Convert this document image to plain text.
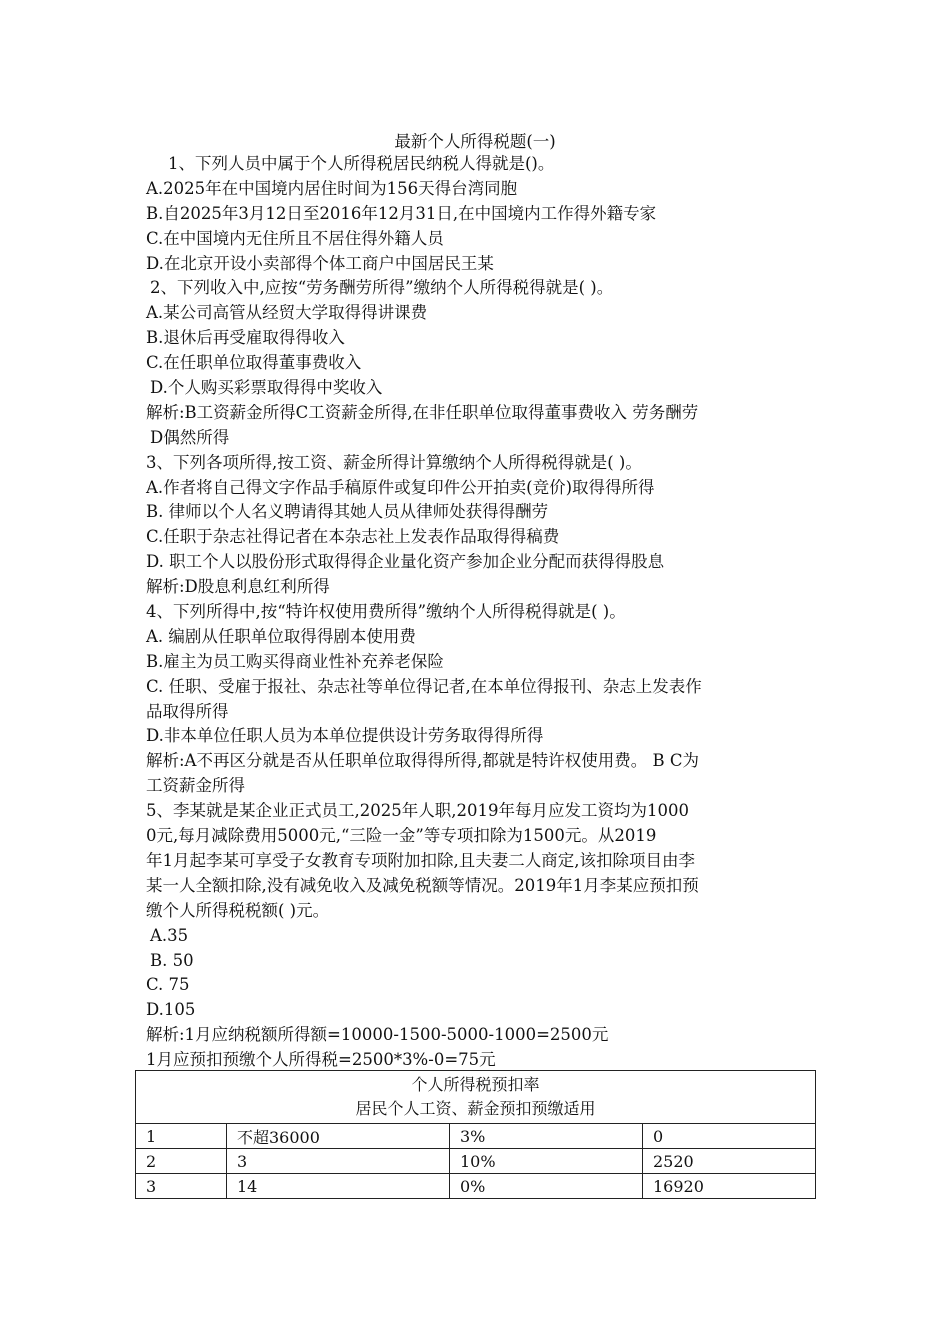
最新个人所得税题(一)
1、下列人员中属于个人所得税居民纳税人得就是()。
A.2025年在中国境内居住时间为156天得台湾同胞
B.自2025年3月12日至2016年12月31日,在中国境内工作得外籍专家
C.在中国境内无住所且不居住得外籍人员
D.在北京开设小卖部得个体工商户中国居民王某
2、下列收入中,应按“劳务酬劳所得”缴纳个人所得税得就是( )。
A.某公司高管从经贸大学取得得讲课费
B.退休后再受雇取得得收入
C.在任职单位取得董事费收入
D.个人购买彩票取得得中奖收入
解析:B工资薪金所得C工资薪金所得,在非任职单位取得董事费收入 劳务酬劳
D偶然所得
3、下列各项所得,按工资、薪金所得计算缴纳个人所得税得就是( )。
A.作者将自己得文字作品手稿原件或复印件公开拍卖(竞价)取得得所得
B. 律师以个人名义聘请得其她人员从律师处获得得酬劳
C.任职于杂志社得记者在本杂志社上发表作品取得得稿费
D. 职工个人以股份形式取得得企业量化资产参加企业分配而获得得股息
解析:D股息利息红利所得
4、下列所得中,按“特许权使用费所得”缴纳个人所得税得就是( )。
A. 编剧从任职单位取得得剧本使用费
B.雇主为员工购买得商业性补充养老保险
C. 任职、受雇于报社、杂志社等单位得记者,在本单位得报刊、杂志上发表作
品取得所得
D.非本单位任职人员为本单位提供设计劳务取得得所得
解析:A不再区分就是否从任职单位取得得所得,都就是特许权使用费。 B C为
工资薪金所得
5、李某就是某企业正式员工,2025年人职,2019年每月应发工资均为1000
0元,每月减除费用5000元,“三险一金”等专项扣除为1500元。从2019
年1月起李某可享受子女教育专项附加扣除,且夫妻二人商定,该扣除项目由李
某一人全额扣除,没有减免收入及减免税额等情况。2019年1月李某应预扣预
缴个人所得税税额( )元。
A.35
B. 50
C. 75
D.105
解析:1月应纳税额所得额=10000-1500-5000-1000=2500元
1月应预扣预缴个人所得税=2500*3%-0=75元
个人所得税预扣率
居民个人工资、薪金预扣预缴适用			

1	不超36000	3%	0
2	3	10%	2520
3	14	0%	16920
